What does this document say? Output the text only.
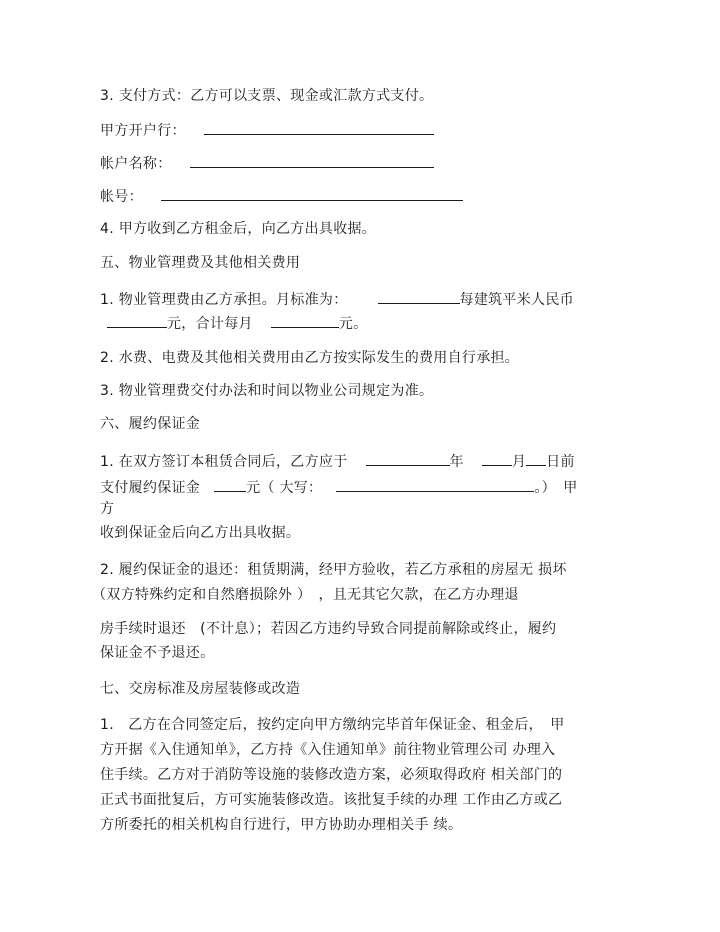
3. 支付方式：乙方可以支票、现金或汇款方式支付。
甲方开户行：
帐户名称：
帐号：
4. 甲方收到乙方租金后，向乙方出具收据。
五、物业管理费及其他相关费用
1. 物业管理费由乙方承担。月标准为：	每建筑平米人民币
元，合计每月	元。
2. 水费、电费及其他相关费用由乙方按实际发生的费用自行承担。
3. 物业管理费交付办法和时间以物业公司规定为准。
六、履约保证金
1. 在双方签订本租赁合同后，乙方应于	年	月 日前
支付履约保证金	元（ 大写：	。）　甲
方
收到保证金后向乙方出具收据。
2. 履约保证金的退还：租赁期满，经甲方验收，若乙方承租的房屋无 损坏
（双方特殊约定和自然磨损除外 ）　，且无其它欠款，在乙方办理退
房手续时退还　(不计息）；若因乙方违约导致合同提前解除或终止，履约
保证金不予退还。
七、交房标准及房屋装修或改造
1.　乙方在合同签定后，按约定向甲方缴纳完毕首年保证金、租金后，　甲
方开据《入住通知单》，乙方持《入住通知单》前往物业管理公司 办理入
住手续。乙方对于消防等设施的装修改造方案，必须取得政府 相关部门的
正式书面批复后，方可实施装修改造。该批复手续的办理 工作由乙方或乙
方所委托的相关机构自行进行，甲方协助办理相关手 续。
